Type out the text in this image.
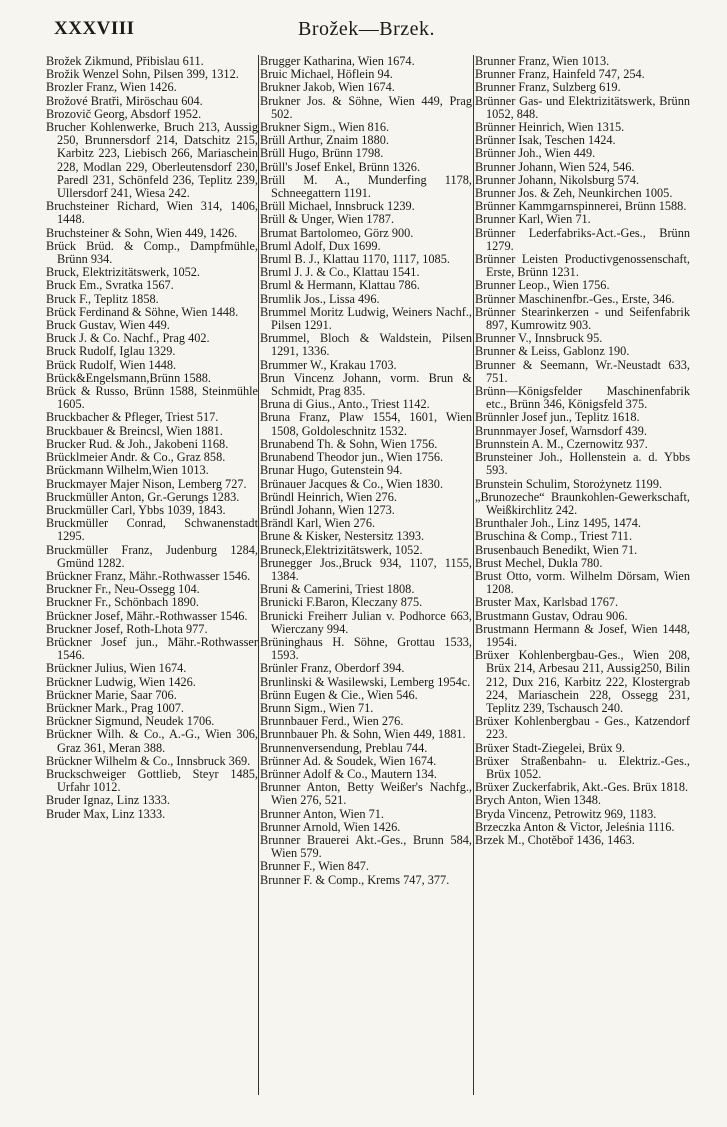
XXXVIII	Brožek—Brzek.

Brožek Zikmund, Přibislau 611.

Brožik Wenzel Sohn, Pilsen 399, 1312.

Brozler Franz, Wien 1426.

Brožové Bratři, Miröschau 604.

Brozovič Georg, Absdorf 1952.

Brucher Kohlenwerke, Bruch 213, Aussig 250, Brunnersdorf 214, Datschitz 215, Karbitz 223, Liebisch 266, Mariaschein 228, Modlan 229, Oberleutensdorf 230, Paredl 231, Schönfeld 236, Teplitz 239, Ullersdorf 241, Wiesa 242.

Bruchsteiner Richard, Wien 314, 1406, 1448.

Bruchsteiner & Sohn, Wien 449, 1426.

Brück Brüd. & Comp., Dampfmühle, Brünn 934.

Bruck, Elektrizitätswerk, 1052.

Bruck Em., Svratka 1567.

Bruck F., Teplitz 1858.

Brück Ferdinand & Söhne, Wien 1448.

Bruck Gustav, Wien 449.

Bruck J. & Co. Nachf., Prag 402.

Bruck Rudolf, Iglau 1329.

Brück Rudolf, Wien 1448.

Brück&Engelsmann,Brünn 1588.

Brück & Russo, Brünn 1588, Steinmühle 1605.

Bruckbacher & Pfleger, Triest 517.

Bruckbauer & Breincsl, Wien 1881.

Brucker Rud. & Joh., Jakobeni 1168.

Brücklmeier Andr. & Co., Graz 858.

Brückmann Wilhelm,Wien 1013.

Bruckmayer Majer Nison, Lemberg 727.

Bruckmüller Anton, Gr.-Gerungs 1283.

Bruckmüller Carl, Ybbs 1039, 1843.

Bruckmüller Conrad, Schwanenstadt 1295.

Bruckmüller Franz, Judenburg 1284, Gmünd 1282.

Brückner Franz, Mähr.-Rothwasser 1546.

Bruckner Fr., Neu-Ossegg 104.

Bruckner Fr., Schönbach 1890.

Brückner Josef, Mähr.-Rothwasser 1546.

Bruckner Josef, Roth-Lhota 977.

Brückner Josef jun., Mähr.-Rothwasser 1546.

Brückner Julius, Wien 1674.

Brückner Ludwig, Wien 1426.

Brückner Marie, Saar 706.

Brückner Mark., Prag 1007.

Brückner Sigmund, Neudek 1706.

Brückner Wilh. & Co., A.-G., Wien 306, Graz 361, Meran 388.

Brückner Wilhelm & Co., Innsbruck 369.

Bruckschweiger Gottlieb, Steyr 1485, Urfahr 1012.

Bruder Ignaz, Linz 1333.

Bruder Max, Linz 1333.

Brugger Katharina, Wien 1674.

Bruic Michael, Höflein 94.

Brukner Jakob, Wien 1674.

Brukner Jos. & Söhne, Wien 449, Prag 502.

Brukner Sigm., Wien 816.

Brüll Arthur, Znaim 1880.

Brüll Hugo, Brünn 1798.

Brüll's Josef Enkel, Brünn 1326.

Brüll M. A., Munderfing 1178, Schneegattern 1191.

Brüll Michael, Innsbruck 1239.

Brüll & Unger, Wien 1787.

Brumat Bartolomeo, Görz 900.

Bruml Adolf, Dux 1699.

Bruml B. J., Klattau 1170, 1117, 1085.

Bruml J. J. & Co., Klattau 1541.

Bruml & Hermann, Klattau 786.

Brumlik Jos., Lissa 496.

Brummel Moritz Ludwig, Weiners Nachf., Pilsen 1291.

Brummel, Bloch & Waldstein, Pilsen 1291, 1336.

Brummer W., Krakau 1703.

Brun Vincenz Johann, vorm. Brun & Schmidt, Prag 835.

Bruna di Gius., Anto., Triest 1142.

Bruna Franz, Plaw 1554, 1601, Wien 1508, Goldoleschnitz 1532.

Brunabend Th. & Sohn, Wien 1756.

Brunabend Theodor jun., Wien 1756.

Brunar Hugo, Gutenstein 94.

Brünauer Jacques & Co., Wien 1830.

Bründl Heinrich, Wien 276.

Bründl Johann, Wien 1273.

Brändl Karl, Wien 276.

Brune & Kisker, Nestersitz 1393.

Bruneck,Elektrizitätswerk, 1052.

Brunegger Jos.,Bruck 934, 1107, 1155, 1384.

Bruni & Camerini, Triest 1808.

Brunicki F.Baron, Kleczany 875.

Brunicki Freiherr Julian v. Podhorce 663, Wierczany 994.

Brüninghaus H. Söhne, Grottau 1533, 1593.

Brünler Franz, Oberdorf 394.

Brunlinski & Wasilewski, Lemberg 1954c.

Brünn Eugen & Cie., Wien 546.

Brunn Sigm., Wien 71.

Brunnbauer Ferd., Wien 276.

Brunnbauer Ph. & Sohn, Wien 449, 1881.

Brunnenversendung, Preblau 744.

Brünner Ad. & Soudek, Wien 1674.

Brünner Adolf & Co., Mautern 134.

Brunner Anton, Betty Weißer's Nachfg., Wien 276, 521.

Brunner Anton, Wien 71.

Brunner Arnold, Wien 1426.

Brunner Brauerei Akt.-Ges., Brunn 584, Wien 579.

Brunner F., Wien 847.

Brunner F. & Comp., Krems 747, 377.

Brunner Franz, Wien 1013.

Brunner Franz, Hainfeld 747, 254.

Brunner Franz, Sulzberg 619.

Brünner Gas- und Elektrizitätswerk, Brünn 1052, 848.

Brünner Heinrich, Wien 1315.

Brünner Isak, Teschen 1424.

Brünner Joh., Wien 449.

Brunner Johann, Wien 524, 546.

Brunner Johann, Nikolsburg 574.

Brunner Jos. & Zeh, Neunkirchen 1005.

Brünner Kammgarnspinnerei, Brünn 1588.

Brunner Karl, Wien 71.

Brünner Lederfabriks-Act.-Ges., Brünn 1279.

Brünner Leisten Productivgenossenschaft, Erste, Brünn 1231.

Brunner Leop., Wien 1756.

Brünner Maschinenfbr.-Ges., Erste, 346.

Brünner Stearinkerzen - und Seifenfabrik 897, Kumrowitz 903.

Brunner V., Innsbruck 95.

Brunner & Leiss, Gablonz 190.

Brunner & Seemann, Wr.-Neustadt 633, 751.

Brünn—Königsfelder Maschinenfabrik etc., Brünn 346, Königsfeld 375.

Brünnler Josef jun., Teplitz 1618.

Brunnmayer Josef, Warnsdorf 439.

Brunnstein A. M., Czernowitz 937.

Brunsteiner Joh., Hollenstein a. d. Ybbs 593.

Brunstein Schulim, Storożynetz 1199.

„Brunozeche“ Braunkohlen-Gewerkschaft, Weißkirchlitz 242.

Brunthaler Joh., Linz 1495, 1474.

Bruschina & Comp., Triest 711.

Brusenbauch Benedikt, Wien 71.

Brust Mechel, Dukla 780.

Brust Otto, vorm. Wilhelm Dörsam, Wien 1208.

Bruster Max, Karlsbad 1767.

Brustmann Gustav, Odrau 906.

Brustmann Hermann & Josef, Wien 1448, 1954i.

Brüxer Kohlenbergbau-Ges., Wien 208, Brüx 214, Arbesau 211, Aussig250, Bilin 212, Dux 216, Karbitz 222, Klostergrab 224, Mariaschein 228, Ossegg 231, Teplitz 239, Tschausch 240.

Brüxer Kohlenbergbau - Ges., Katzendorf 223.

Brüxer Stadt-Ziegelei, Brüx 9.

Brüxer Straßenbahn- u. Elektriz.-Ges., Brüx 1052.

Brüxer Zuckerfabrik, Akt.-Ges. Brüx 1818.

Brych Anton, Wien 1348.

Bryda Vincenz, Petrowitz 969, 1183.

Brzeczka Anton & Victor, Jeleśnia 1116.

Brzek M., Chotěboř 1436, 1463.
